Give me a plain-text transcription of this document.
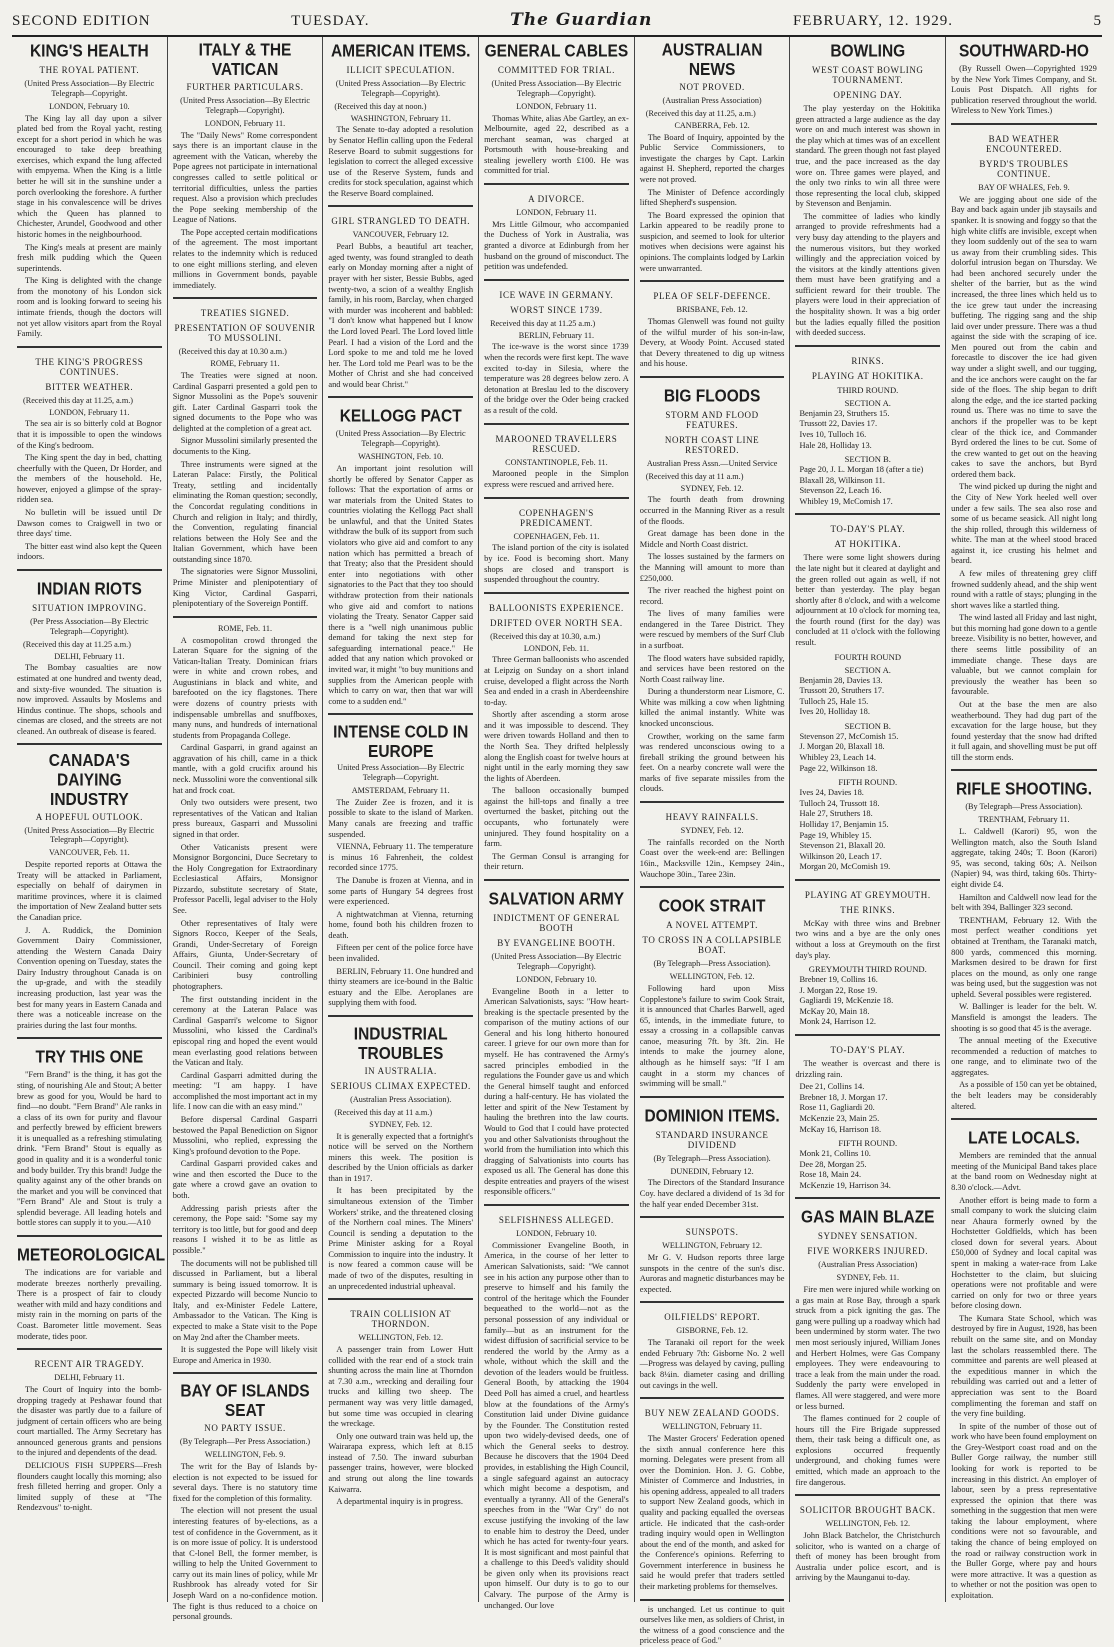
SECOND EDITION	TUESDAY.	The Guardian	FEBRUARY, 12. 1929.	5
KING'S HEALTH
THE ROYAL PATIENT.
(United Press Association—By Electric Telegraph—Copyright.
LONDON, February 10.

The King lay all day upon a silver plated bed from the Royal yacht, resting except for a short period in which he was encouraged to take deep breathing exercises, which expand the lung affected with empyema. When the King is a little better he will sit in the sunshine under a porch overlooking the foreshore. A further stage in his convalescence will be drives which the Queen has planned to Chichester, Arundel, Goodwood and other historic homes in the neighbourhood.

The King's meals at present are mainly fresh milk pudding which the Queen superintends.

The King is delighted with the change from the monotony of his London sick room and is looking forward to seeing his intimate friends, though the doctors will not yet allow visitors apart from the Royal Family.

THE KING'S PROGRESS CONTINUES.
BITTER WEATHER.
(Received this day at 11.25, a.m.)
LONDON, February 11.

The sea air is so bitterly cold at Bognor that it is impossible to open the windows of the King's bedroom.

The King spent the day in bed, chatting cheerfully with the Queen, Dr Horder, and the members of the household. He, however, enjoyed a glimpse of the spray-ridden sea.

No bulletin will be issued until Dr Dawson comes to Craigwell in two or three days' time.

The bitter east wind also kept the Queen indoors.

INDIAN RIOTS
SITUATION IMPROVING.
(Per Press Association—By Electric Telegraph—Copyright).
(Received this day at 11.25 a.m.)
DELHI, February 11.

The Bombay casualties are now estimated at one hundred and twenty dead, and sixty-five wounded. The situation is now improved. Assaults by Moslems and Hindus continue. The shops, schools and cinemas are closed, and the streets are not cleaned. An outbreak of disease is feared.

CANADA'S DAIYING INDUSTRY
A HOPEFUL OUTLOOK.
(United Press Association—By Electric Telegraph—Copyright).
VANCOUVER, Feb. 11.

Despite reported reports at Ottawa the Treaty will be attacked in Parliament, especially on behalf of dairymen in maritime provinces, where it is claimed the importation of New Zealand butter sets the Canadian price.

J. A. Ruddick, the Dominion Government Dairy Commissioner, attending the Western Canada Dairy Convention opening on Tuesday, states the Dairy Industry throughout Canada is on the up-grade, and with the steadily increasing production, last year was the best for many years in Eastern Canada and there was a noticeable increase on the prairies during the last four months.

TRY THIS ONE

"Fern Brand" is the thing, it has got the sting, of nourishing Ale and Stout; A better brew as good for you, Would be hard to find—no doubt. "Fern Brand" Ale ranks in a class of its own for purity and flavour and perfectly brewed by efficient brewers it is unequalled as a refreshing stimulating drink. "Fern Brand" Stout is equally as good in quality and it is a wonderful tonic and body builder. Try this brand! Judge the quality against any of the other brands on the market and you will be convinced that "Fern Brand" Ale and Stout is truly a splendid beverage. All leading hotels and bottle stores can supply it to you.—A10

METEOROLOGICAL

The indications are for variable and moderate breezes northerly prevailing. There is a prospect of fair to cloudy weather with mild and hazy conditions and misty rain in the morning on parts of the Coast. Barometer little movement. Seas moderate, tides poor.

RECENT AIR TRAGEDY.
DELHI, February 11.

The Court of Inquiry into the bomb-dropping tragedy at Peshawar found that the disaster was partly due to a failure of judgment of certain officers who are being court martialled. The Army Secretary has announced generous grants and pensions to the injured and dependents of the dead.

DELICIOUS FISH SUPPERS—Fresh flounders caught locally this morning; also fresh filleted herring and groper. Only a limited supply of these at "The Rendezvous" to-night.

ITALY & THE VATICAN
FURTHER PARTICULARS.
(United Press Association—By Electric Telegraph—Copyright).
LONDON, February 11.

The "Daily News" Rome correspondent says there is an important clause in the agreement with the Vatican, whereby the Pope agrees not participate in international congresses called to settle political or territorial difficulties, unless the parties request. Also a provision which precludes the Pope seeking membership of the League of Nations.

The Pope accepted certain modifications of the agreement. The most important relates to the indemnity which is reduced to one eight millions sterling, and eleven millions in Government bonds, payable immediately.

TREATIES SIGNED.
PRESENTATION OF SOUVENIR TO MUSSOLINI.
(Received this day at 10.30 a.m.)
ROME, February 11.

The Treaties were signed at noon. Cardinal Gasparri presented a gold pen to Signor Mussolini as the Pope's souvenir gift. Later Cardinal Gasparri took the signed documents to the Pope who was delighted at the completion of a great act.

Signor Mussolini similarly presented the documents to the King.

Three instruments were signed at the Lateran Palace: Firstly, the Political Treaty, settling and incidentally eliminating the Roman question; secondly, the Concordat regulating conditions in Church and religion in Italy; and thirdly, the Convention, regulating financial relations between the Holy See and the Italian Government, which have been outstanding since 1870.

The signatories were Signor Mussolini, Prime Minister and plenipotentiary of King Victor, Cardinal Gasparri, plenipotentiary of the Sovereign Pontiff.

ROME, Feb. 11.

A cosmopolitan crowd thronged the Lateran Square for the signing of the Vatican-Italian Treaty. Dominican friars were in white and crown robes, and Augustinians in black and white, and barefooted on the icy flagstones. There were dozens of country priests with indispensable umbrellas and snuffboxes, many nuns, and hundreds of international students from Propaganda College.

Cardinal Gasparri, in grand against an aggravation of his chill, came in a thick mantle, with a gold crucifix around his neck. Mussolini wore the conventional silk hat and frock coat.

Only two outsiders were present, two representatives of the Vatican and Italian press bureaux, Gasparri and Mussolini signed in that order.

Other Vaticanists present were Monsignor Borgoncini, Duce Secretary to the Holy Congregation for Extraordinary Ecclesiastical Affairs, Monsignor Pizzardo, substitute secretary of State, Professor Pacelli, legal adviser to the Holy See.

Other representatives of Italy were Signors Rocco, Keeper of the Seals, Grandi, Under-Secretary of Foreign Affairs, Giunta, Under-Secretary of Council. Their coming and going kept Caribinieri busy controlling photographers.

The first outstanding incident in the ceremony at the Lateran Palace was Cardinal Gasparri's welcome to Signor Mussolini, who kissed the Cardinal's episcopal ring and hoped the event would mean everlasting good relations between the Vatican and Italy.

Cardinal Gasparri admitted during the meeting: "I am happy. I have accomplished the most important act in my life. I now can die with an easy mind."

Before dispersal Cardinal Gasparri bestowed the Papal Benediction on Signor Mussolini, who replied, expressing the King's profound devotion to the Pope.

Cardinal Gasparri provided cakes and wine and then escorted the Duce to the gate where a crowd gave an ovation to both.

Addressing parish priests after the ceremony, the Pope said: "Some say my territory is too little, but for good and deep reasons I wished it to be as little as possible."

The documents will not be published till discussed in Parliament, but a liberal summary is being issued tomorrow. It is expected Pizzardo will become Nuncio to Italy, and ex-Minister Fedele Lattere, Ambassador to the Vatican. The King is expected to make a State visit to the Pope on May 2nd after the Chamber meets.

It is suggested the Pope will likely visit Europe and America in 1930.

BAY OF ISLANDS SEAT
NO PARTY ISSUE.
(By Telegraph—Per Press Association.)
WELLINGTON, Feb. 9.

The writ for the Bay of Islands by-election is not expected to be issued for several days. There is no statutory time fixed for the completion of this formality.

The election will not present the usual interesting features of by-elections, as a test of confidence in the Government, as it is on more issue of policy. It is understood that C-lonel Bell, the former member, is willing to help the United Government to carry out its main lines of policy, while Mr Rushbrook has already voted for Sir Joseph Ward on a no-confidence motion. The fight is thus reduced to a choice on personal grounds.

AMERICAN ITEMS.
ILLICIT SPECULATION.
(United Press Association—By Electric Telegraph—Copyright).
(Received this day at noon.)
WASHINGTON, February 11.

The Senate to-day adopted a resolution by Senator Heflin calling upon the Federal Reserve Board to submit suggestions for legislation to correct the alleged excessive use of the Reserve System, funds and credits for stock speculation, against which the Reserve Board complained.

GIRL STRANGLED TO DEATH.
VANCOUVER, February 12.

Pearl Bubbs, a beautiful art teacher, aged twenty, was found strangled to death early on Monday morning after a night of prayer with her sister, Bessie Bubbs, aged twenty-two, a scion of a wealthy English family, in his room, Barclay, when charged with murder was incoherent and babbled: "I don't know what happened but I know the Lord loved Pearl. The Lord loved little Pearl. I had a vision of the Lord and the Lord spoke to me and told me he loved her. The Lord told me Pearl was to be the Mother of Christ and she had conceived and would bear Christ."

KELLOGG PACT
(United Press Association—By Electric Telegraph—Copyright).
WASHINGTON, Feb. 10.

An important joint resolution will shortly be offered by Senator Capper as follows: That the exportation of arms or war materials from the United States to countries violating the Kellogg Pact shall be unlawful, and that the United States withdraw the bulk of its support from such violators who give aid and comfort to any nation which has permitted a breach of that Treaty; also that the President should enter into negotiations with other signatories to the Pact that they too should withdraw protection from their nationals who give aid and comfort to nations violating the Treaty. Senator Capper said there is a "well nigh unanimous public demand for taking the next step for safeguarding international peace." He added that any nation which provoked or invited war, it might "to buy munitions and supplies from the American people with which to carry on war, then that war will come to a sudden end."

INTENSE COLD IN EUROPE
United Press Association—By Electric Telegraph—Copyright.
AMSTERDAM, February 11.

The Zuider Zee is frozen, and it is possible to skate to the island of Marken. Many canals are freezing and traffic suspended.

VIENNA, February 11. The temperature is minus 16 Fahrenheit, the coldest recorded since 1775.

The Danube is frozen at Vienna, and in some parts of Hungary 54 degrees frost were experienced.

A nightwatchman at Vienna, returning home, found both his children frozen to death.

Fifteen per cent of the police force have been invalided.

BERLIN, February 11. One hundred and thirty steamers are ice-bound in the Baltic estuary and the Elbe. Aeroplanes are supplying them with food.

INDUSTRIAL TROUBLES
IN AUSTRALIA.
SERIOUS CLIMAX EXPECTED.
(Australian Press Association).
(Received this day at 11 a.m.)
SYDNEY, Feb. 12.

It is generally expected that a fortnight's notice will be served on the Northern miners this week. The position is described by the Union officials as darker than in 1917.

It has been precipitated by the simultaneous extension of the Timber Workers' strike, and the threatened closing of the Northern coal mines. The Miners' Council is sending a deputation to the Prime Minister asking for a Royal Commission to inquire into the industry. It is now feared a common cause will be made of two of the disputes, resulting in an unprecedented industrial upheaval.

TRAIN COLLISION AT THORNDON.
WELLINGTON, Feb. 12.

A passenger train from Lower Hutt collided with the rear end of a stock train shunting across the main line at Thorndon at 7.30 a.m., wrecking and derailing four trucks and killing two sheep. The permanent way was very little damaged, but some time was occupied in clearing the wreckage.

Only one outward train was held up, the Wairarapa express, which left at 8.15 instead of 7.50. The inward suburban passenger trains, however, were blocked and strung out along the line towards Kaiwarra.

A departmental inquiry is in progress.

GENERAL CABLES
COMMITTED FOR TRIAL.
(United Press Association—By Electric Telegraph—Copyright).
LONDON, February 11.

Thomas White, alias Abe Gartley, an ex-Melbournite, aged 22, described as a merchant seaman, was charged at Portsmouth with house-breaking and stealing jewellery worth £100. He was committed for trial.

A DIVORCE.
LONDON, February 11.

Mrs Little Gilmour, who accompanied the Duchess of York in Australia, was granted a divorce at Edinburgh from her husband on the ground of misconduct. The petition was undefended.

ICE WAVE IN GERMANY.
WORST SINCE 1739.
Received this day at 11.25 a.m.)
BERLIN, February 11.

The ice-wave is the worst since 1739 when the records were first kept. The wave excited to-day in Silesia, where the temperature was 28 degrees below zero. A detonation at Breslau led to the discovery of the bridge over the Oder being cracked as a result of the cold.

MAROONED TRAVELLERS RESCUED.
CONSTANTINOPLE, Feb. 11.

Marooned people in the Simplon express were rescued and arrived here.

COPENHAGEN'S PREDICAMENT.
COPENHAGEN, Feb. 11.

The island portion of the city is isolated by ice. Food is becoming short. Many shops are closed and transport is suspended throughout the country.

BALLOONISTS EXPERIENCE.
DRIFTED OVER NORTH SEA.
(Received this day at 10.30, a.m.)
LONDON, Feb. 11.

Three German balloonists who ascended at Leipzig on Sunday on a short inland cruise, developed a flight across the North Sea and ended in a crash in Aberdeenshire to-day.

Shortly after ascending a storm arose and it was impossible to descend. They were driven towards Holland and then to the North Sea. They drifted helplessly along the English coast for twelve hours at night until in the early morning they saw the lights of Aberdeen.

The balloon occasionally bumped against the hill-tops and finally a tree overturned the basket, pitching out the occupants, who fortunately were uninjured. They found hospitality on a farm.

The German Consul is arranging for their return.

SALVATION ARMY
INDICTMENT OF GENERAL BOOTH
BY EVANGELINE BOOTH.
(United Press Association—By Electric Telegraph—Copyright).
LONDON, February 10.

Evangeline Booth in a letter to American Salvationists, says: "How heart-breaking is the spectacle presented by the comparison of the mutiny actions of our General and his long hitherto honoured career. I grieve for our own more than for myself. He has contravened the Army's sacred principles embodied in the regulations the Founder gave us and which the General himself taught and enforced during a half-century. He has violated the letter and spirit of the New Testament by hauling the brethren into the law courts. Would to God that I could have protected you and other Salvationists throughout the world from the humiliation into which this dragging of Salvationists into courts has exposed us all. The General has done this despite entreaties and prayers of the wisest responsible officers."

SELFISHNESS ALLEGED.
LONDON, February 10.

Commissioner Evangeline Booth, in America, in the course of her letter to American Salvationists, said: "We cannot see in his action any purpose other than to preserve to himself and his family the control of the heritage which the Founder bequeathed to the world—not as the personal possession of any individual or family—but as an instrument for the widest diffusion of sacrificial service to be rendered the world by the Army as a whole, without which the skill and the devotion of the leaders would be fruitless. General Booth, by attacking the 1904 Deed Poll has aimed a cruel, and heartless blow at the foundations of the Army's Constitution laid under Divine guidance by the Founder. The Constitution rested upon two widely-devised deeds, one of which the General seeks to destroy. Because he discovers that the 1904 Deed provides, in establishing the High Council, a single safeguard against an autocracy which might become a despotism, and eventually a tyranny. All of the General's speeches from in the "War Cry" do not excuse justifying the invoking of the law to enable him to destroy the Deed, under which he has acted for twenty-four years. It is most significant and most painful that a challenge to this Deed's validity should be given only when its provisions react upon himself. Our duty is to go to our Calvary. The purpose of the Army is unchanged. Our love

AUSTRALIAN NEWS
NOT PROVED.
(Australian Press Association)
(Received this day at 11.25, a.m.)
CANBERRA, Feb. 12.

The Board of Inquiry, appointed by the Public Service Commissioners, to investigate the charges by Capt. Larkin against H. Shepherd, reported the charges were not proved.

The Minister of Defence accordingly lifted Shepherd's suspension.

The Board expressed the opinion that Larkin appeared to be readily prone to suspicion, and seemed to look for ulterior motives when decisions were against his opinions. The complaints lodged by Larkin were unwarranted.

PLEA OF SELF-DEFENCE.
BRISBANE, Feb. 12.

Thomas Glenwell was found not guilty of the wilful murder of his son-in-law, Devery, at Woody Point. Accused stated that Devery threatened to dig up witness and his house.

BIG FLOODS
STORM AND FLOOD FEATURES.
NORTH COAST LINE RESTORED.
Australian Press Assn.—United Service
(Received this day at 11 a.m.)
SYDNEY, Feb. 12.

The fourth death from drowning occurred in the Manning River as a result of the floods.

Great damage has been done in the Midcle and North Coast district.

The losses sustained by the farmers on the Manning will amount to more than £250,000.

The river reached the highest point on record.

The lives of many families were endangered in the Taree District. They were rescued by members of the Surf Club in a surfboat.

The flood waters have subsided rapidly, and services have been restored on the North Coast railway line.

During a thunderstorm near Lismore, C. White was milking a cow when lightning killed the animal instantly. White was knocked unconscious.

Crowther, working on the same farm was rendered unconscious owing to a fireball striking the ground between his feet. On a nearby concrete wall were the marks of five separate missiles from the clouds.

HEAVY RAINFALLS.
SYDNEY, Feb. 12.

The rainfalls recorded on the North Coast over the week-end are: Bellingen 16in., Macksville 12in., Kempsey 24in., Wauchope 30in., Taree 23in.

COOK STRAIT
A NOVEL ATTEMPT.
TO CROSS IN A COLLAPSIBLE BOAT.
(By Telegraph—Press Association).
WELLINGTON, Feb. 12.

Following hard upon Miss Copplestone's failure to swim Cook Strait, it is announced that Charles Barwell, aged 65, intends, in the immediate future, to essay a crossing in a collapsible canvas canoe, measuring 7ft. by 3ft. 2in. He intends to make the journey alone, although as he himself says: "If I am caught in a storm my chances of swimming will be small."

DOMINION ITEMS.
STANDARD INSURANCE DIVIDEND
(By Telegraph—Press Association).
DUNEDIN, February 12.

The Directors of the Standard Insurance Coy. have declared a dividend of 1s 3d for the half year ended December 31st.

SUNSPOTS.
WELLINGTON, February 12.

Mr G. V. Hudson reports three large sunspots in the centre of the sun's disc. Auroras and magnetic disturbances may be expected.

OILFIELDS' REPORT.
GISBORNE, Feb. 12.

The Taranaki oil report for the week ended February 7th: Gisborne No. 2 well—Progress was delayed by caving, pulling back 8¼in. diameter casing and drilling out cavings in the well.

BUY NEW ZEALAND GOODS.
WELLINGTON, February 11.

The Master Grocers' Federation opened the sixth annual conference here this morning. Delegates were present from all over the Dominion. Hon. J. G. Cobbe, Minister of Commerce and Industries, in his opening address, appealed to all traders to support New Zealand goods, which in quality and packing equalled the overseas article. He indicated that the cash-order trading inquiry would open in Wellington about the end of the month, and asked for the Conference's opinions. Referring to Government interference in business he said he would prefer that traders settled their marketing problems for themselves.

is unchanged. Let us continue to quit ourselves like men, as soldiers of Christ, in the witness of a good conscience and the priceless peace of God."

BOWLING
WEST COAST BOWLING TOURNAMENT.
OPENING DAY.

The play yesterday on the Hokitika green attracted a large audience as the day wore on and much interest was shown in the play which at times was of an excellent standard. The green though not fast played true, and the pace increased as the day wore on. Three games were played, and the only two rinks to win all three were those representing the local club, skipped by Stevenson and Benjamin.

The committee of ladies who kindly arranged to provide refreshments had a very busy day attending to the players and the numerous visitors, but they worked willingly and the appreciation voiced by the visitors at the kindly attentions given them must have been gratifying and a sufficient reward for their trouble. The players were loud in their appreciation of the hospitality shown. It was a big order but the ladies equally filled the position with deeded success.

RINKS.
PLAYING AT HOKITIKA.
THIRD ROUND.
SECTION A.
Benjamin 23, Struthers 15.
Trussott 22, Davies 17.
Ives 10, Tulloch 16.
Hale 28, Holliday 13.
SECTION B.
Page 20, J. L. Morgan 18 (after a tie)
Blaxall 28, Wilkinson 11.
Stevenson 22, Leach 16.
Whibley 19, McComish 17.
TO-DAY'S PLAY.
AT HOKITIKA.

There were some light showers during the late night but it cleared at daylight and the green rolled out again as well, if not better than yesterday. The play began shortly after 8 o'clock, and with a welcome adjournment at 10 o'clock for morning tea, the fourth round (first for the day) was concluded at 11 o'clock with the following result.

FOURTH ROUND
SECTION A.
Benjamin 28, Davies 13.
Trussott 20, Struthers 17.
Tulloch 25, Hale 15.
Ives 20, Holliday 18.
SECTION B.
Stevenson 27, McComish 15.
J. Morgan 20, Blaxall 18.
Whibley 23, Leach 14.
Page 22, Wilkinson 18.
FIFTH ROUND.
Ives 24, Davies 18.
Tulloch 24, Trussott 18.
Hale 27, Struthers 18.
Holliday 17, Benjamin 15.
Page 19, Whibley 15.
Stevenson 21, Blaxall 20.
Wilkinson 20, Leach 17.
Morgan 20, McComish 19.
PLAYING AT GREYMOUTH.
THE RINKS.

McKay with three wins and Brebner two wins and a bye are the only ones without a loss at Greymouth on the first day's play.

GREYMOUTH THIRD ROUND.
Brebner 19, Collins 16.
J. Morgan 22, Rose 19.
Gagliardi 19, McKenzie 18.
McKay 20, Main 18.
Monk 24, Harrison 12.
TO-DAY'S PLAY.

The weather is overcast and there is drizzling rain.

Dee 21, Collins 14.
Brebner 18, J. Morgan 17.
Rose 11, Gagliardi 20.
McKenzie 23, Main 25.
McKay 16, Harrison 18.
FIFTH ROUND.
Monk 21, Collins 10.
Dee 28, Morgan 25.
Rose 18, Main 24.
McKenzie 19, Harrison 34.
GAS MAIN BLAZE
SYDNEY SENSATION.
FIVE WORKERS INJURED.
(Australian Press Association)
SYDNEY, Feb. 11.

Fire men were injured while working on a gas main at Rose Bay, through a spark struck from a pick igniting the gas. The gang were pulling up a roadway which had been undermined by storm water. The two men most seriously injured, William Jones and Herbert Holmes, were Gas Company employees. They were endeavouring to trace a leak from the main under the road. Suddenly the party were enveloped in flames. All were staggered, and were more or less burned.

The flames continued for 2 couple of hours till the Fire Brigade suppressed them, their task being a difficult one, as explosions occurred frequently underground, and choking fumes were emitted, which made an approach to the fire dangerous.

SOLICITOR BROUGHT BACK.
WELLINGTON, Feb. 12.

John Black Batchelor, the Christchurch solicitor, who is wanted on a charge of theft of money has been brought from Australia under police escort, and is arriving by the Maunganui to-day.

SOUTHWARD-HO

(By Russell Owen—Copyrighted 1929 by the New York Times Company, and St. Louis Post Dispatch. All rights for publication reserved throughout the world. Wireless to New York Times.)

BAD WEATHER ENCOUNTERED.
BYRD'S TROUBLES CONTINUE.
BAY OF WHALES, Feb. 9.

We are jogging about one side of the Bay and back again under jib staysails and spanker. It is snowing and foggy so that the high white cliffs are invisible, except when they loom suddenly out of the sea to warn us away from their crumbling sides. This dolorful intrusion began on Thursday. We had been anchored securely under the shelter of the barrier, but as the wind increased, the three lines which held us to the ice grew taut under the increasing buffeting. The rigging sang and the ship laid over under pressure. There was a thud against the side with the scraping of ice. Men poured out from the cabin and forecastle to discover the ice had given way under a slight swell, and our tugging, and the ice anchors were caught on the far side of the floes. The ship began to drift along the edge, and the ice started packing round us. There was no time to save the anchors if the propeller was to be kept clear of the thick ice, and Commander Byrd ordered the lines to be cut. Some of the crew wanted to get out on the heaving cakes to save the anchors, but Byrd ordered them back.

The wind picked up during the night and the City of New York heeled well over under a few sails. The sea also rose and some of us became seasick. All night long the ship rolled, through this wilderness of white. The man at the wheel stood braced against it, ice crusting his helmet and beard.

A few miles of threatening grey cliff frowned suddenly ahead, and the ship went round with a rattle of stays; plunging in the short waves like a startled thing.

The wind lasted all Friday and last night, but this morning had gone down to a gentle breeze. Visibility is no better, however, and there seems little possibility of an immediate change. These days are valuable, but we cannot complain for previously the weather has been so favourable.

Out at the base the men are also weatherbound. They had dug part of the excavation for the large house, but they found yesterday that the snow had drifted it full again, and shovelling must be put off till the storm ends.

RIFLE SHOOTING.
(By Telegraph—Press Association).
TRENTHAM, February 11.

L. Caldwell (Karori) 95, won the Wellington match, also the South Island aggregate, taking 240s; T. Boon (Karori) 95, was second, taking 60s; A. Neilson (Napier) 94, was third, taking 60s. Thirty-eight divide £4.

Hamilton and Caldwell now lead for the belt with 394, Ballinger 323 second.

TRENTHAM, February 12. With the most perfect weather conditions yet obtained at Trentham, the Taranaki match, 800 yards, commenced this morning. Marksmen desired to be drawn for first places on the mound, as only one range was being used, but the suggestion was not upheld. Several possibles were registered.

W. Ballinger is leader for the belt. W. Mansfield is amongst the leaders. The shooting is so good that 45 is the average.

The annual meeting of the Executive recommended a reduction of matches to one range, and to eliminate two of the aggregates.

As a possible of 150 can yet be obtained, the belt leaders may be considerably altered.

LATE LOCALS.

Members are reminded that the annual meeting of the Municipal Band takes place at the band room on Wednesday night at 8.30 o'clock.—Advt.

Another effort is being made to form a small company to work the sluicing claim near Ahaura formerly owned by the Hochstetter Goldfields, which has been closed down for several years. About £50,000 of Sydney and local capital was spent in making a water-race from Lake Hochstetter to the claim, but sluicing operations were not profitable and were carried on only for two or three years before closing down.

The Kumara State School, which was destroyed by fire in August, 1928, has been rebuilt on the same site, and on Monday last the scholars reassembled there. The committee and parents are well pleased at the expeditious manner in which the rebuilding was carried out and a letter of appreciation was sent to the Board complimenting the foreman and staff on the very fine building.

In spite of the number of those out of work who have been found employment on the Grey-Westport coast road and on the Buller Gorge railway, the number still looking for work is reported to be increasing in this district. An employer of labour, seen by a press representative expressed the opinion that there was something in the suggestion that men were taking the labour employment, where conditions were not so favourable, and taking the chance of being employed on the road or railway construction work in the Buller Gorge, where pay and hours were more attractive. It was a question as to whether or not the position was open to exploitation.
